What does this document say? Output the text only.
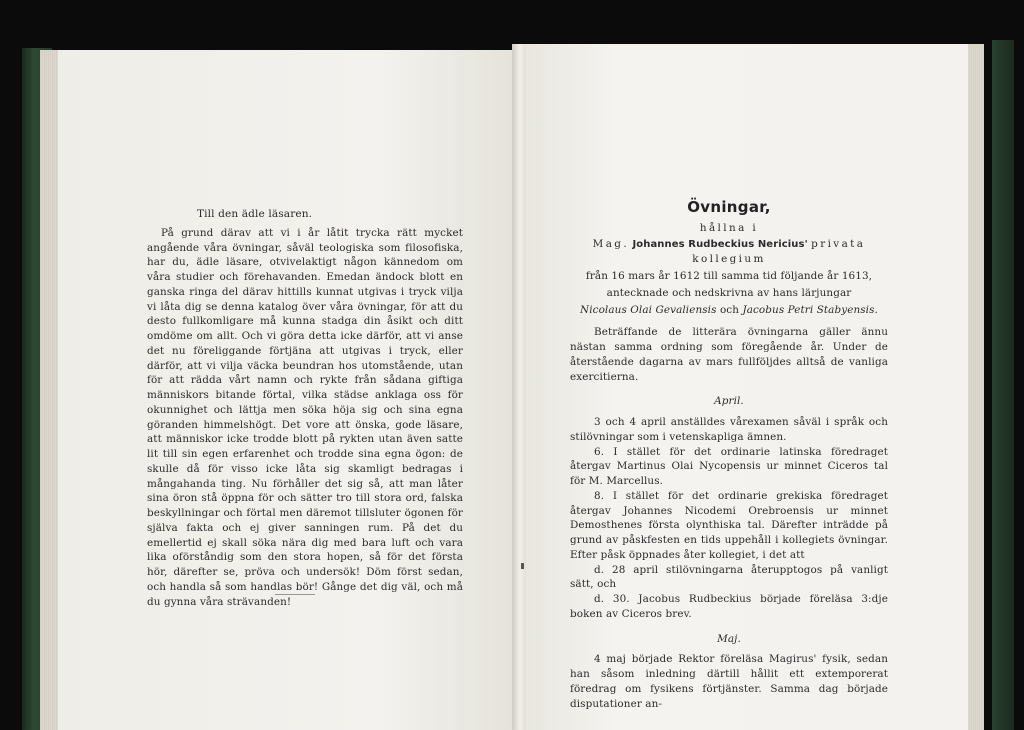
Till den ädle läsaren.

På grund därav att vi i år låtit trycka rätt mycket angående våra övningar, såväl teologiska som filosofiska, har du, ädle läsare, otvivelaktigt någon kännedom om våra studier och förehavanden. Emedan ändock blott en ganska ringa del därav hittills kunnat utgivas i tryck vilja vi låta dig se denna katalog över våra övningar, för att du desto fullkomligare må kunna stadga din åsikt och ditt omdöme om allt. Och vi göra detta icke därför, att vi anse det nu föreliggande förtjäna att utgivas i tryck, eller därför, att vi vilja väcka beundran hos utomstående, utan för att rädda vårt namn och rykte från sådana giftiga människors bitande förtal, vilka städse anklaga oss för okunnighet och lättja men söka höja sig och sina egna göranden himmelshögt. Det vore att önska, gode läsare, att människor icke trodde blott på rykten utan även satte lit till sin egen erfarenhet och trodde sina egna ögon: de skulle då för visso icke låta sig skamligt bedragas i mångahanda ting. Nu förhåller det sig så, att man låter sina öron stå öppna för och sätter tro till stora ord, falska beskyllningar och förtal men däremot tillsluter ögonen för själva fakta och ej giver sanningen rum. På det du emellertid ej skall söka nära dig med bara luft och vara lika oförståndig som den stora hopen, så för det första hör, därefter se, pröva och undersök! Döm först sedan, och handla så som handlas bör! Gånge det dig väl, och må du gynna våra strävanden!

Övningar,

hållna i

Mag. Johannes Rudbeckius Nericius' privata kollegium

från 16 mars år 1612 till samma tid följande år 1613,

antecknade och nedskrivna av hans lärjungar

Nicolaus Olai Gevaliensis och Jacobus Petri Stabyensis.

Beträffande de litterära övningarna gäller ännu nästan samma ordning som föregående år. Under de återstående dagarna av mars fullföljdes alltså de vanliga exercitierna.

April.

3 och 4 april anställdes vårexamen såväl i språk och stilövningar som i vetenskapliga ämnen.

6. I stället för det ordinarie latinska föredraget återgav Martinus Olai Nycopensis ur minnet Ciceros tal för M. Marcellus.

8. I stället för det ordinarie grekiska föredraget återgav Johannes Nicodemi Orebroensis ur minnet Demosthenes första olynthiska tal. Därefter inträdde på grund av påskfesten en tids uppehåll i kollegiets övningar. Efter påsk öppnades åter kollegiet, i det att

d. 28 april stilövningarna återupptogos på vanligt sätt, och

d. 30. Jacobus Rudbeckius började föreläsa 3:dje boken av Ciceros brev.

Maj.

4 maj började Rektor föreläsa Magirus' fysik, sedan han såsom inledning därtill hållit ett extemporerat föredrag om fysikens förtjänster. Samma dag började disputationer an-
